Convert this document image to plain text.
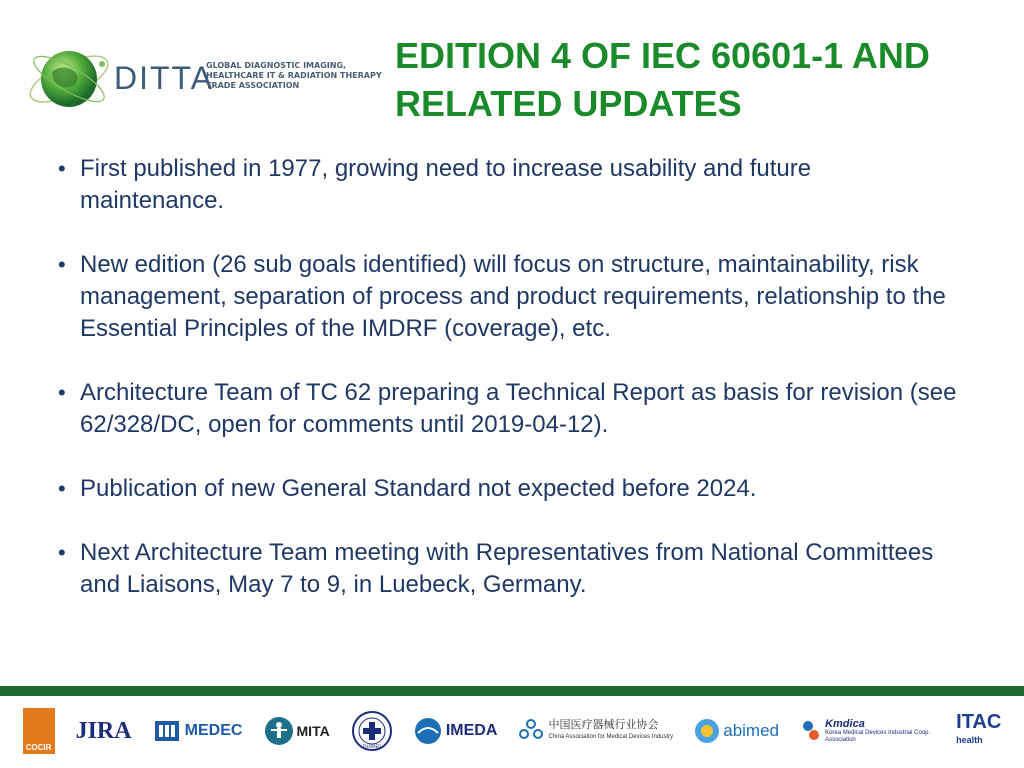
DITTA
GLOBAL DIAGNOSTIC IMAGING,
HEALTHCARE IT & RADIATION THERAPY
TRADE ASSOCIATION
EDITION 4 OF IEC 60601-1 AND
RELATED UPDATES
• First published in 1977, growing need to increase usability and future maintenance.
• New edition (26 sub goals identified) will focus on structure, maintainability, risk management, separation of process and product requirements, relationship to the Essential Principles of the IMDRF (coverage), etc.
• Architecture Team of TC 62 preparing a Technical Report as basis for revision (see 62/328/DC, open for comments until 2019-04-12).
• Publication of new General Standard not expected before 2024.
• Next Architecture Team meeting with Representatives from National Committees and Liaisons, May 7 to 9, in Luebeck, Germany.
COCIR
JIRA	MEDEC	MITA
THAIMED
IMEDA	中国医疗器械行业协会
China Association for Medical Devices Industry	abimed	Kmdica
Korea Medical Devices Industrial Coop. Association
ITAC
health
